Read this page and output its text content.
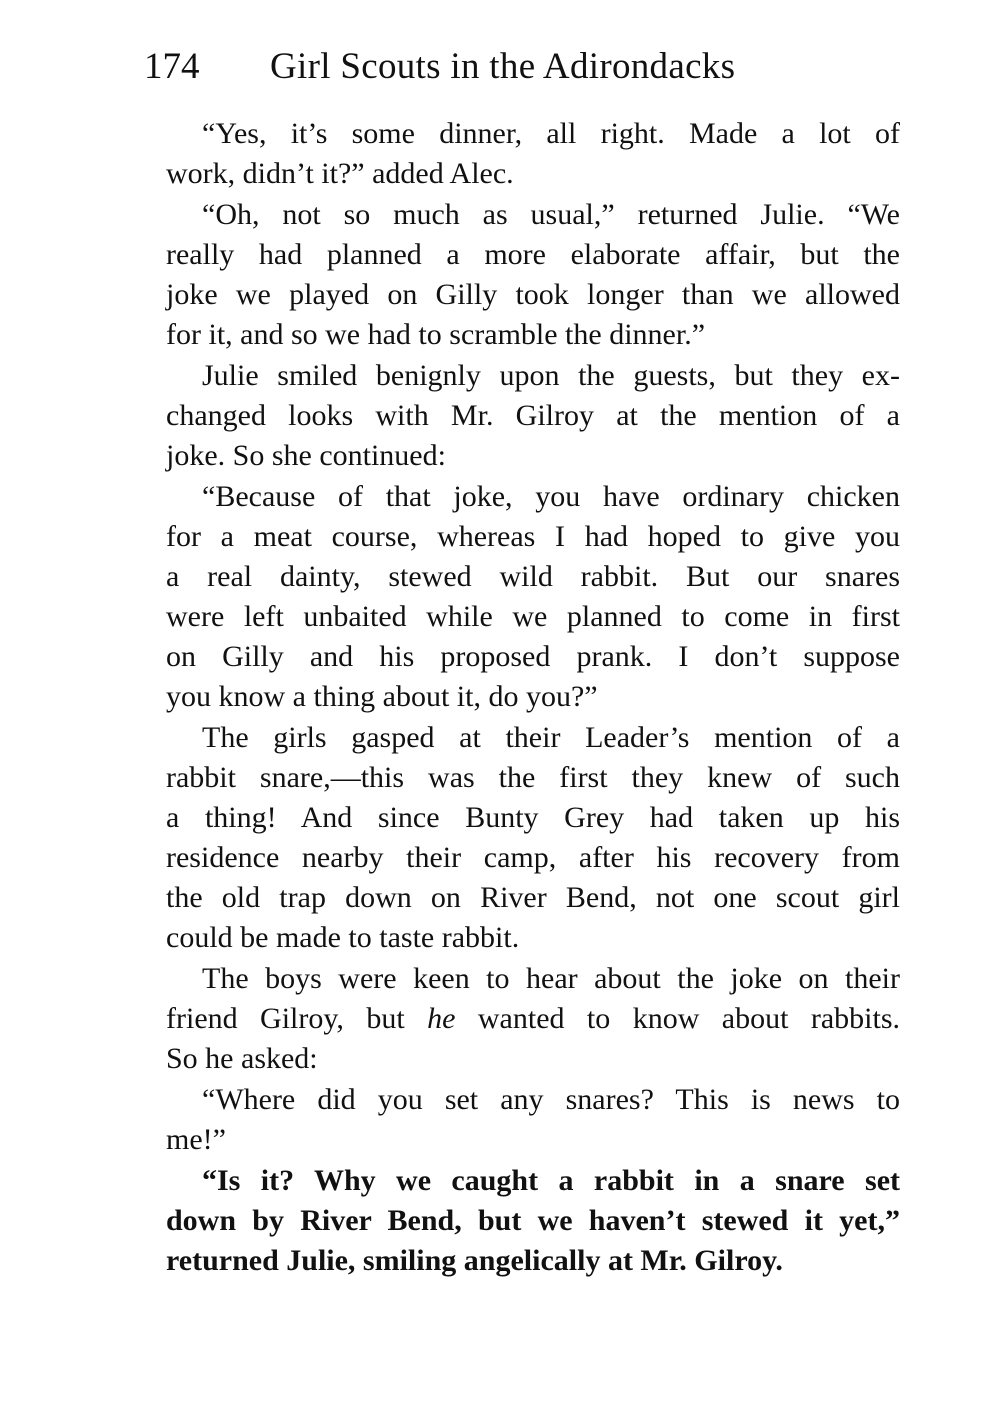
174 Girl Scouts in the Adirondacks
“Yes, it’s some dinner, all right. Made a lot of
work, didn’t it?” added Alec.
“Oh, not so much as usual,” returned Julie. “We
really had planned a more elaborate affair, but the
joke we played on Gilly took longer than we allowed
for it, and so we had to scramble the dinner.”
Julie smiled benignly upon the guests, but they ex-
changed looks with Mr. Gilroy at the mention of a
joke. So she continued:
“Because of that joke, you have ordinary chicken
for a meat course, whereas I had hoped to give you
a real dainty, stewed wild rabbit. But our snares
were left unbaited while we planned to come in first
on Gilly and his proposed prank. I don’t suppose
you know a thing about it, do you?”
The girls gasped at their Leader’s mention of a
rabbit snare,—this was the first they knew of such
a thing! And since Bunty Grey had taken up his
residence nearby their camp, after his recovery from
the old trap down on River Bend, not one scout girl
could be made to taste rabbit.
The boys were keen to hear about the joke on their
friend Gilroy, but he wanted to know about rabbits.
So he asked:
“Where did you set any snares? This is news to
me!”
“Is it? Why we caught a rabbit in a snare set
down by River Bend, but we haven’t stewed it yet,”
returned Julie, smiling angelically at Mr. Gilroy.
